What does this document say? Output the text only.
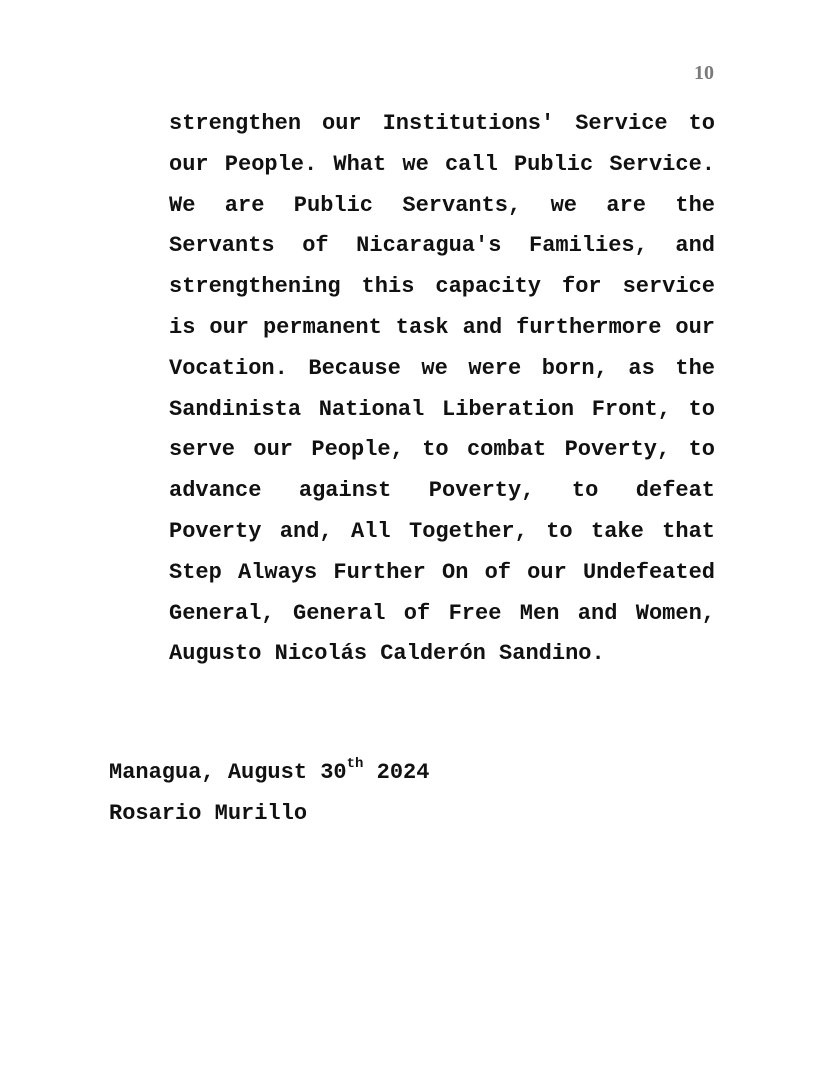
10

strengthen our Institutions' Service to our People. What we call Public Service. We are Public Servants, we are the Servants of Nicaragua's Families, and strengthening this capacity for service is our permanent task and furthermore our Vocation. Because we were born, as the Sandinista National Liberation Front, to serve our People, to combat Poverty, to advance against Poverty, to defeat Poverty and, All Together, to take that Step Always Further On of our Undefeated General, General of Free Men and Women, Augusto Nicolás Calderón Sandino.

Managua, August 30th 2024
Rosario Murillo
